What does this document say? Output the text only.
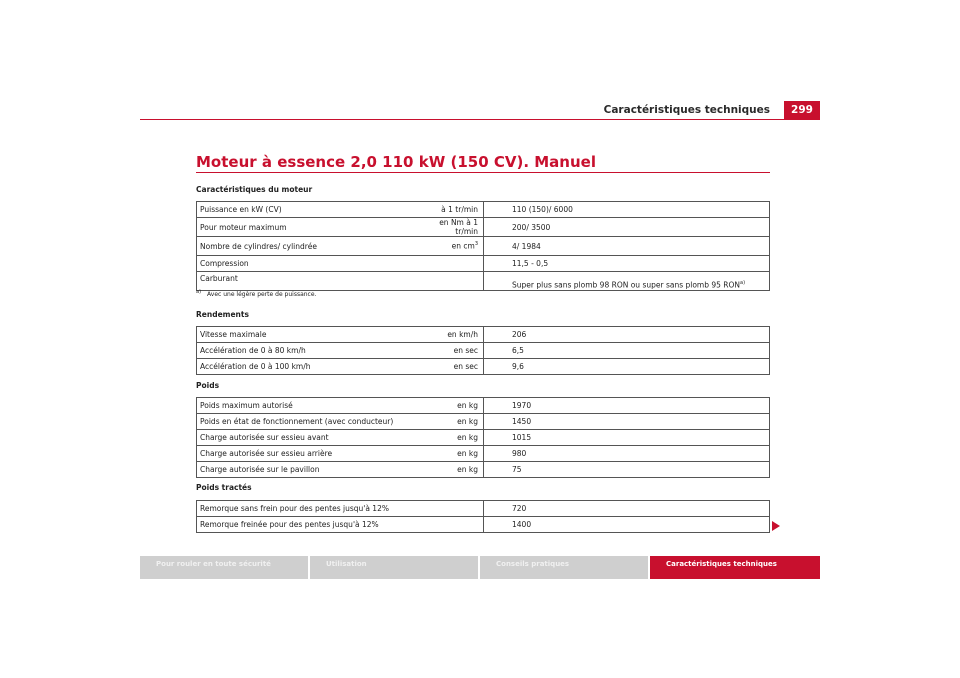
Caractéristiques techniques	299
Moteur à essence 2,0 110 kW (150 CV). Manuel
Caractéristiques du moteur
Puissance en kW (CV)	à 1 tr/min	110 (150)/ 6000
Pour moteur maximum	en Nm à 1 tr/min	200/ 3500
Nombre de cylindres/ cylindrée	en $cm^3$	4/ 1984
Compression		11,5 - 0,5
Carburant		Super plus sans plomb 98 RON ou super sans plomb 95 RON$^{a)}$
$^{a)}$ Avec une légère perte de puissance.
Rendements
Vitesse maximale	en km/h	206
Accélération de 0 à 80 km/h	en sec	6,5
Accélération de 0 à 100 km/h	en sec	9,6
Poids
Poids maximum autorisé	en kg	1970
Poids en état de fonctionnement (avec conducteur)	en kg	1450
Charge autorisée sur essieu avant	en kg	1015
Charge autorisée sur essieu arrière	en kg	980
Charge autorisée sur le pavillon	en kg	75
Poids tractés
Remorque sans frein pour des pentes jusqu'à 12%	720
Remorque freinée pour des pentes jusqu'à 12%	1400
Pour rouler en toute sécurité	Utilisation	Conseils pratiques	Caractéristiques techniques
